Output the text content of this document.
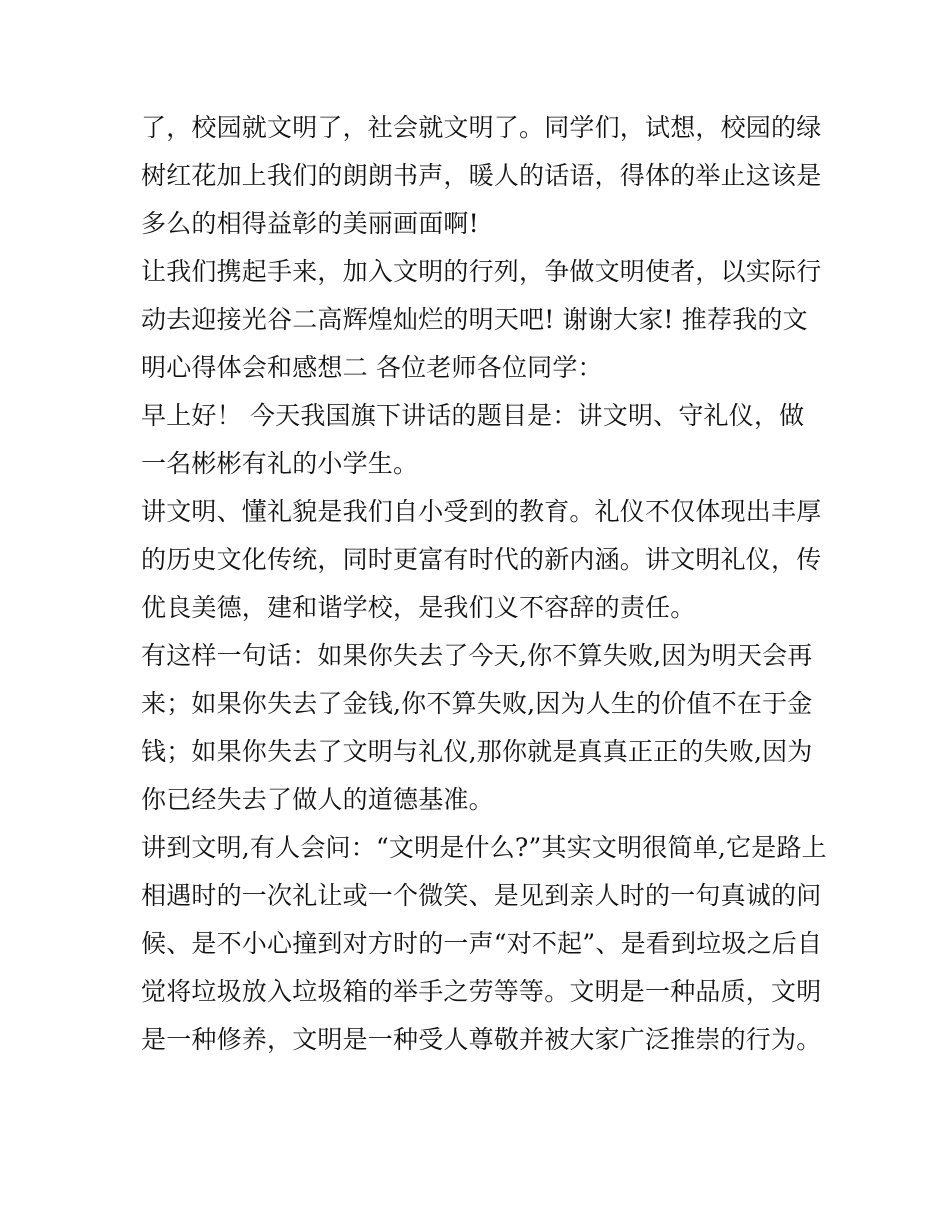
了，校园就文明了，社会就文明了。同学们，试想，校园的绿
树红花加上我们的朗朗书声，暖人的话语，得体的举止这该是
多么的相得益彰的美丽画面啊!
让我们携起手来，加入文明的行列，争做文明使者，以实际行
动去迎接光谷二高辉煌灿烂的明天吧! 谢谢大家! 推荐我的文
明心得体会和感想二 各位老师各位同学：
早上好！ 今天我国旗下讲话的题目是：讲文明、守礼仪，做
一名彬彬有礼的小学生。
讲文明、懂礼貌是我们自小受到的教育。礼仪不仅体现出丰厚
的历史文化传统，同时更富有时代的新内涵。讲文明礼仪，传
优良美德，建和谐学校，是我们义不容辞的责任。
有这样一句话：如果你失去了今天,你不算失败,因为明天会再
来；如果你失去了金钱,你不算失败,因为人生的价值不在于金
钱；如果你失去了文明与礼仪,那你就是真真正正的失败,因为
你已经失去了做人的道德基准。
讲到文明,有人会问：“文明是什么?”其实文明很简单,它是路上
相遇时的一次礼让或一个微笑、是见到亲人时的一句真诚的问
候、是不小心撞到对方时的一声“对不起”、是看到垃圾之后自
觉将垃圾放入垃圾箱的举手之劳等等。文明是一种品质，文明
是一种修养，文明是一种受人尊敬并被大家广泛推崇的行为。
